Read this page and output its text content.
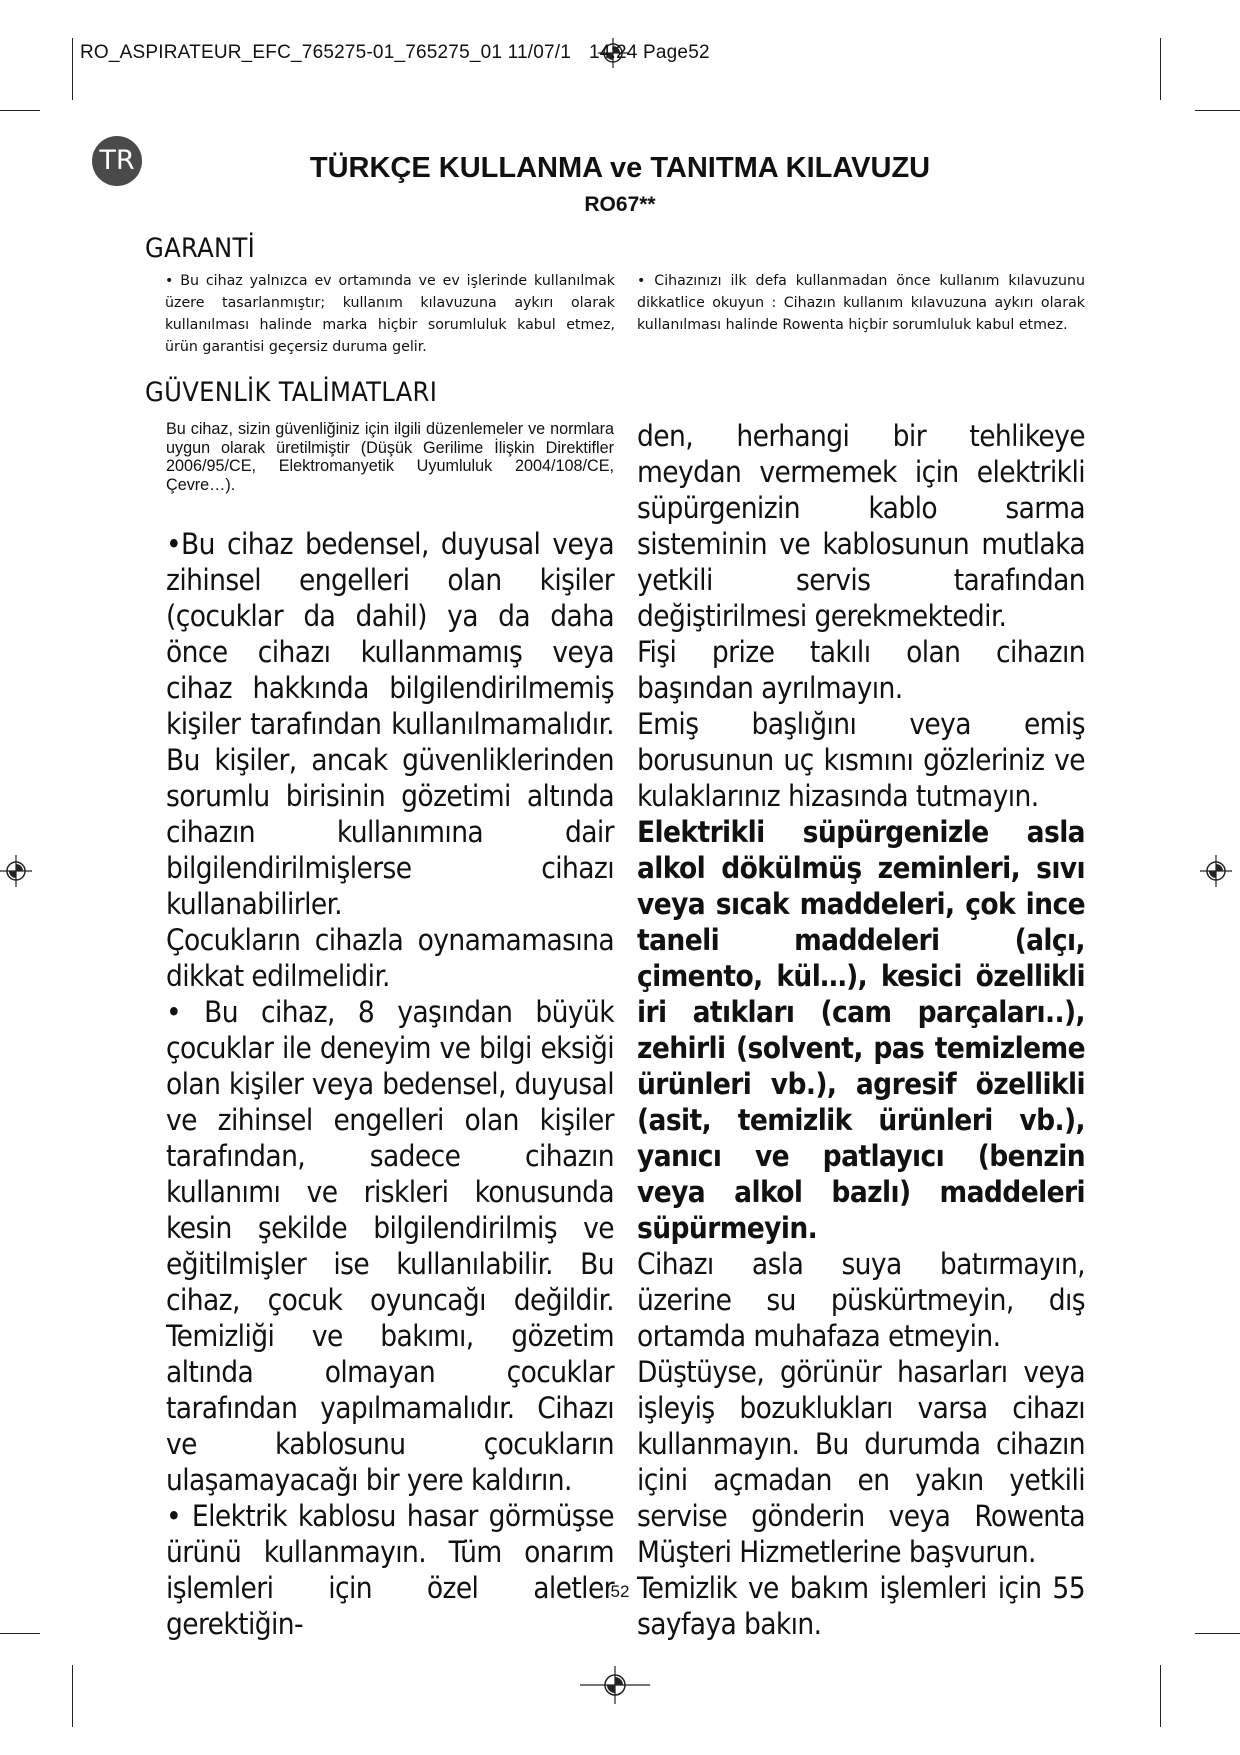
RO_ASPIRATEUR_EFC_765275-01_765275_01 11/07/1 14:24 Page52
TR	TÜRKÇE KULLANMA ve TANITMA KILAVUZU
RO67**
GARANTİ
• Bu cihaz yalnızca ev ortamında ve ev işlerinde kullanılmak üzere tasarlanmıştır; kullanım kılavuzuna aykırı olarak kullanılması halinde marka hiçbir sorumluluk kabul etmez, ürün garantisi geçersiz duruma gelir.
• Cihazınızı ilk defa kullanmadan önce kullanım kılavuzunu dikkatlice okuyun : Cihazın kullanım kılavuzuna aykırı olarak kullanılması halinde Rowenta hiçbir sorumluluk kabul etmez.
GÜVENLİK TALİMATLARI
Bu cihaz, sizin güvenliğiniz için ilgili düzenlemeler ve normlara uygun olarak üretilmiştir (Düşük Gerilime İlişkin Direktifler 2006/95/CE, Elektromanyetik Uyumluluk 2004/108/CE, Çevre…).

•Bu cihaz bedensel, duyusal veya zihinsel engelleri olan kişiler (çocuklar da dahil) ya da daha önce cihazı kullanmamış veya cihaz hakkında bilgilendirilmemiş kişiler tarafından kullanılmamalıdır. Bu kişiler, ancak güvenliklerinden sorumlu birisinin gözetimi altında cihazın kullanımına dair bilgilendirilmişlerse cihazı kullanabilirler.

Çocukların cihazla oynamamasına dikkat edilmelidir.

• Bu cihaz, 8 yaşından büyük çocuklar ile deneyim ve bilgi eksiği olan kişiler veya bedensel, duyusal ve zihinsel engelleri olan kişiler tarafından, sadece cihazın kullanımı ve riskleri konusunda kesin şekilde bilgilendirilmiş ve eğitilmişler ise kullanılabilir. Bu cihaz, çocuk oyuncağı değildir. Temizliği ve bakımı, gözetim altında olmayan çocuklar tarafından yapılmamalıdır. Cihazı ve kablosunu çocukların ulaşamayacağı bir yere kaldırın.

• Elektrik kablosu hasar görmüşse ürünü kullanmayın. Tüm onarım işlemleri için özel aletler gerektiğin-

den, herhangi bir tehlikeye meydan vermemek için elektrikli süpürgenizin kablo sarma sisteminin ve kablosunun mutlaka yetkili servis tarafından değiştirilmesi gerekmektedir.

Fişi prize takılı olan cihazın başından ayrılmayın.

Emiş başlığını veya emiş borusunun uç kısmını gözleriniz ve kulaklarınız hizasında tutmayın.

Elektrikli süpürgenizle asla alkol dökülmüş zeminleri, sıvı veya sıcak maddeleri, çok ince taneli maddeleri (alçı, çimento, kül…), kesici özellikli iri atıkları (cam parçaları..), zehirli (solvent, pas temizleme ürünleri vb.), agresif özellikli (asit, temizlik ürünleri vb.), yanıcı ve patlayıcı (benzin veya alkol bazlı) maddeleri süpürmeyin.

Cihazı asla suya batırmayın, üzerine su püskürtmeyin, dış ortamda muhafaza etmeyin.

Düştüyse, görünür hasarları veya işleyiş bozuklukları varsa cihazı kullanmayın. Bu durumda cihazın içini açmadan en yakın yetkili servise gönderin veya Rowenta Müşteri Hizmetlerine başvurun.

Temizlik ve bakım işlemleri için 55 sayfaya bakın.

52
